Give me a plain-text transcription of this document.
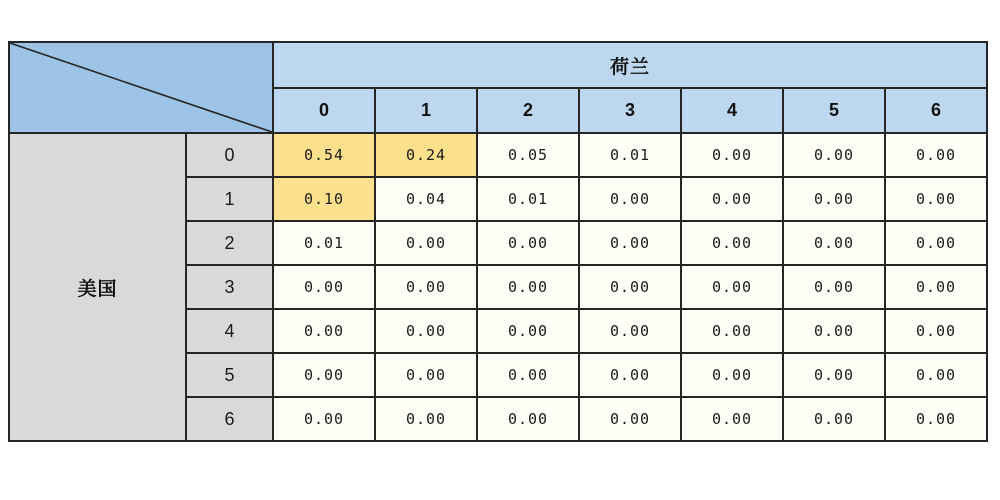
	荷兰						
		0	1	2	3	4	5	6
美国	0	0.54	0.24	0.05	0.01	0.00	0.00	0.00
	1	0.10	0.04	0.01	0.00	0.00	0.00	0.00
	2	0.01	0.00	0.00	0.00	0.00	0.00	0.00
	3	0.00	0.00	0.00	0.00	0.00	0.00	0.00
	4	0.00	0.00	0.00	0.00	0.00	0.00	0.00
	5	0.00	0.00	0.00	0.00	0.00	0.00	0.00
	6	0.00	0.00	0.00	0.00	0.00	0.00	0.00
